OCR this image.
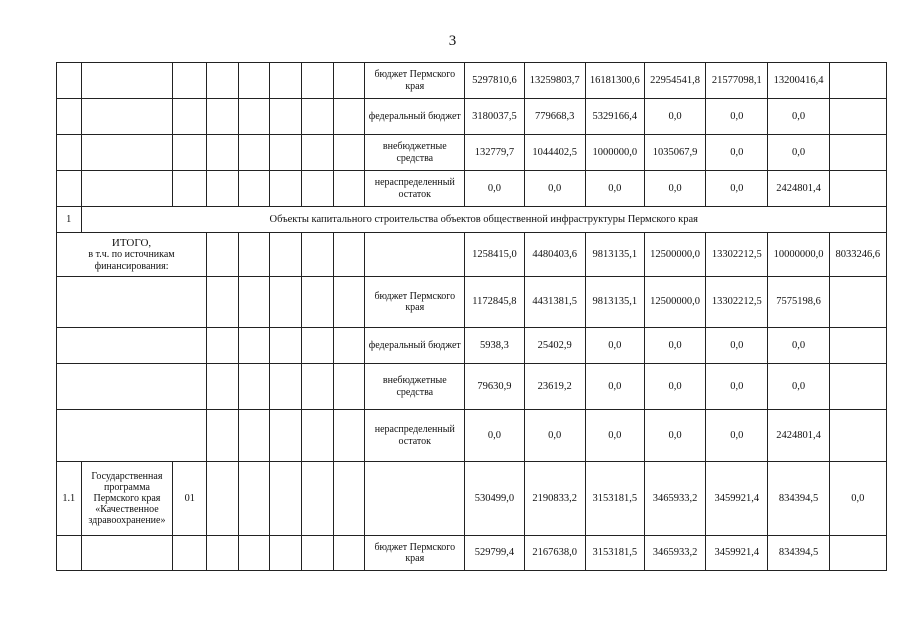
3
								бюджет Пермского края	5297810,6	13259803,7	16181300,6	22954541,8	21577098,1	13200416,4	
								федеральный бюджет	3180037,5	779668,3	5329166,4	0,0	0,0	0,0	
								внебюджетные средства	132779,7	1044402,5	1000000,0	1035067,9	0,0	0,0	
								нераспределенный остаток	0,0	0,0	0,0	0,0	0,0	2424801,4	
1	Объекты капитального строительства объектов общественной инфраструктуры Пермского края														

ИТОГО,
в т.ч. по источникам финансирования:									1258415,0	4480403,6	9813135,1	12500000,0	13302212,5	10000000,0	8033246,6
								бюджет Пермского края	1172845,8	4431381,5	9813135,1	12500000,0	13302212,5	7575198,6	
								федеральный бюджет	5938,3	25402,9	0,0	0,0	0,0	0,0	
								внебюджетные средства	79630,9	23619,2	0,0	0,0	0,0	0,0	
								нераспределенный остаток	0,0	0,0	0,0	0,0	0,0	2424801,4	
1.1	Государственная программа Пермского края «Качественное здравоохранение»	01							530499,0	2190833,2	3153181,5	3465933,2	3459921,4	834394,5	0,0
								бюджет Пермского края	529799,4	2167638,0	3153181,5	3465933,2	3459921,4	834394,5	
